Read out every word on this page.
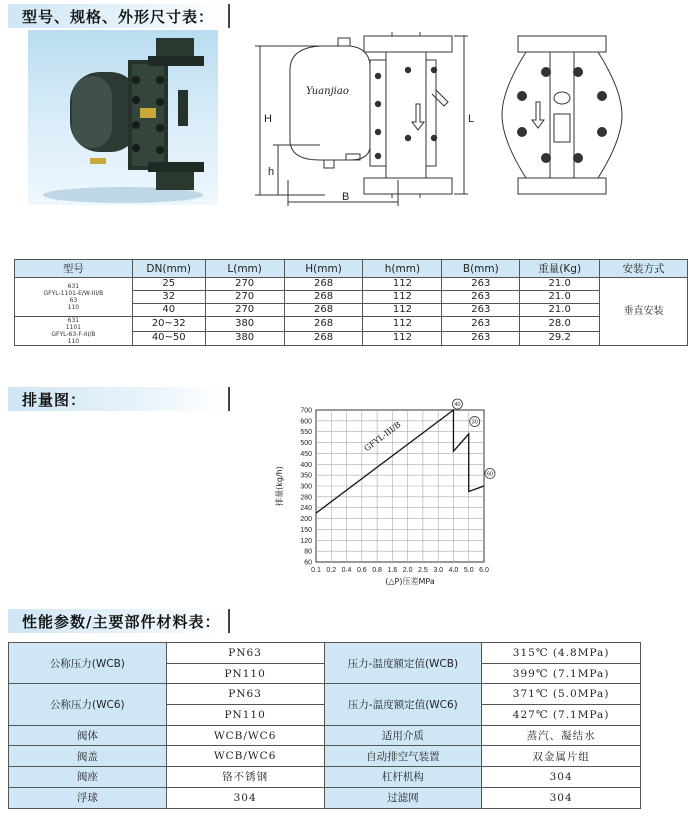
型号、规格、外形尺寸表：
H
h
B
L
Yuanjiao
型号	DN(mm)	L(mm)	H(mm)	h(mm)	B(mm)	重量(Kg)	安装方式

631
GFYL-1101-E/W-III/B
63
110	25	270	268	112	263	21.0	垂直安装
	32	270	268	112	263	21.0	
	40	270	268	112	263	21.0	

631
1101
GFYL-63-F-III/B
110	20~32	380	268	112	263	28.0	
	40~50	380	268	112	263	29.2	
排量图：
0.1 0.2 0.4 0.6 0.8 1.6 2.0 2.5 3.0 4.0 5.0 6.0
60
80
120
150
200
240
280
300
350
400
450
500
550
600
700
排量(kg/h)
(△P)压差MPa
GFYL-III/B
40
30
60
性能参数/主要部件材料表：
公称压力(WCB)	PN63	压力-温度额定值(WCB)	315℃ (4.8MPa)
	PN110		399℃ (7.1MPa)
公称压力(WC6)	PN63	压力-温度额定值(WC6)	371℃ (5.0MPa)
	PN110		427℃ (7.1MPa)
阀体	WCB/WC6	适用介质	蒸汽、凝结水
阀盖	WCB/WC6	自动排空气装置	双金属片组
阀座	铬不锈钢	杠杆机构	304
浮球	304	过滤网	304
